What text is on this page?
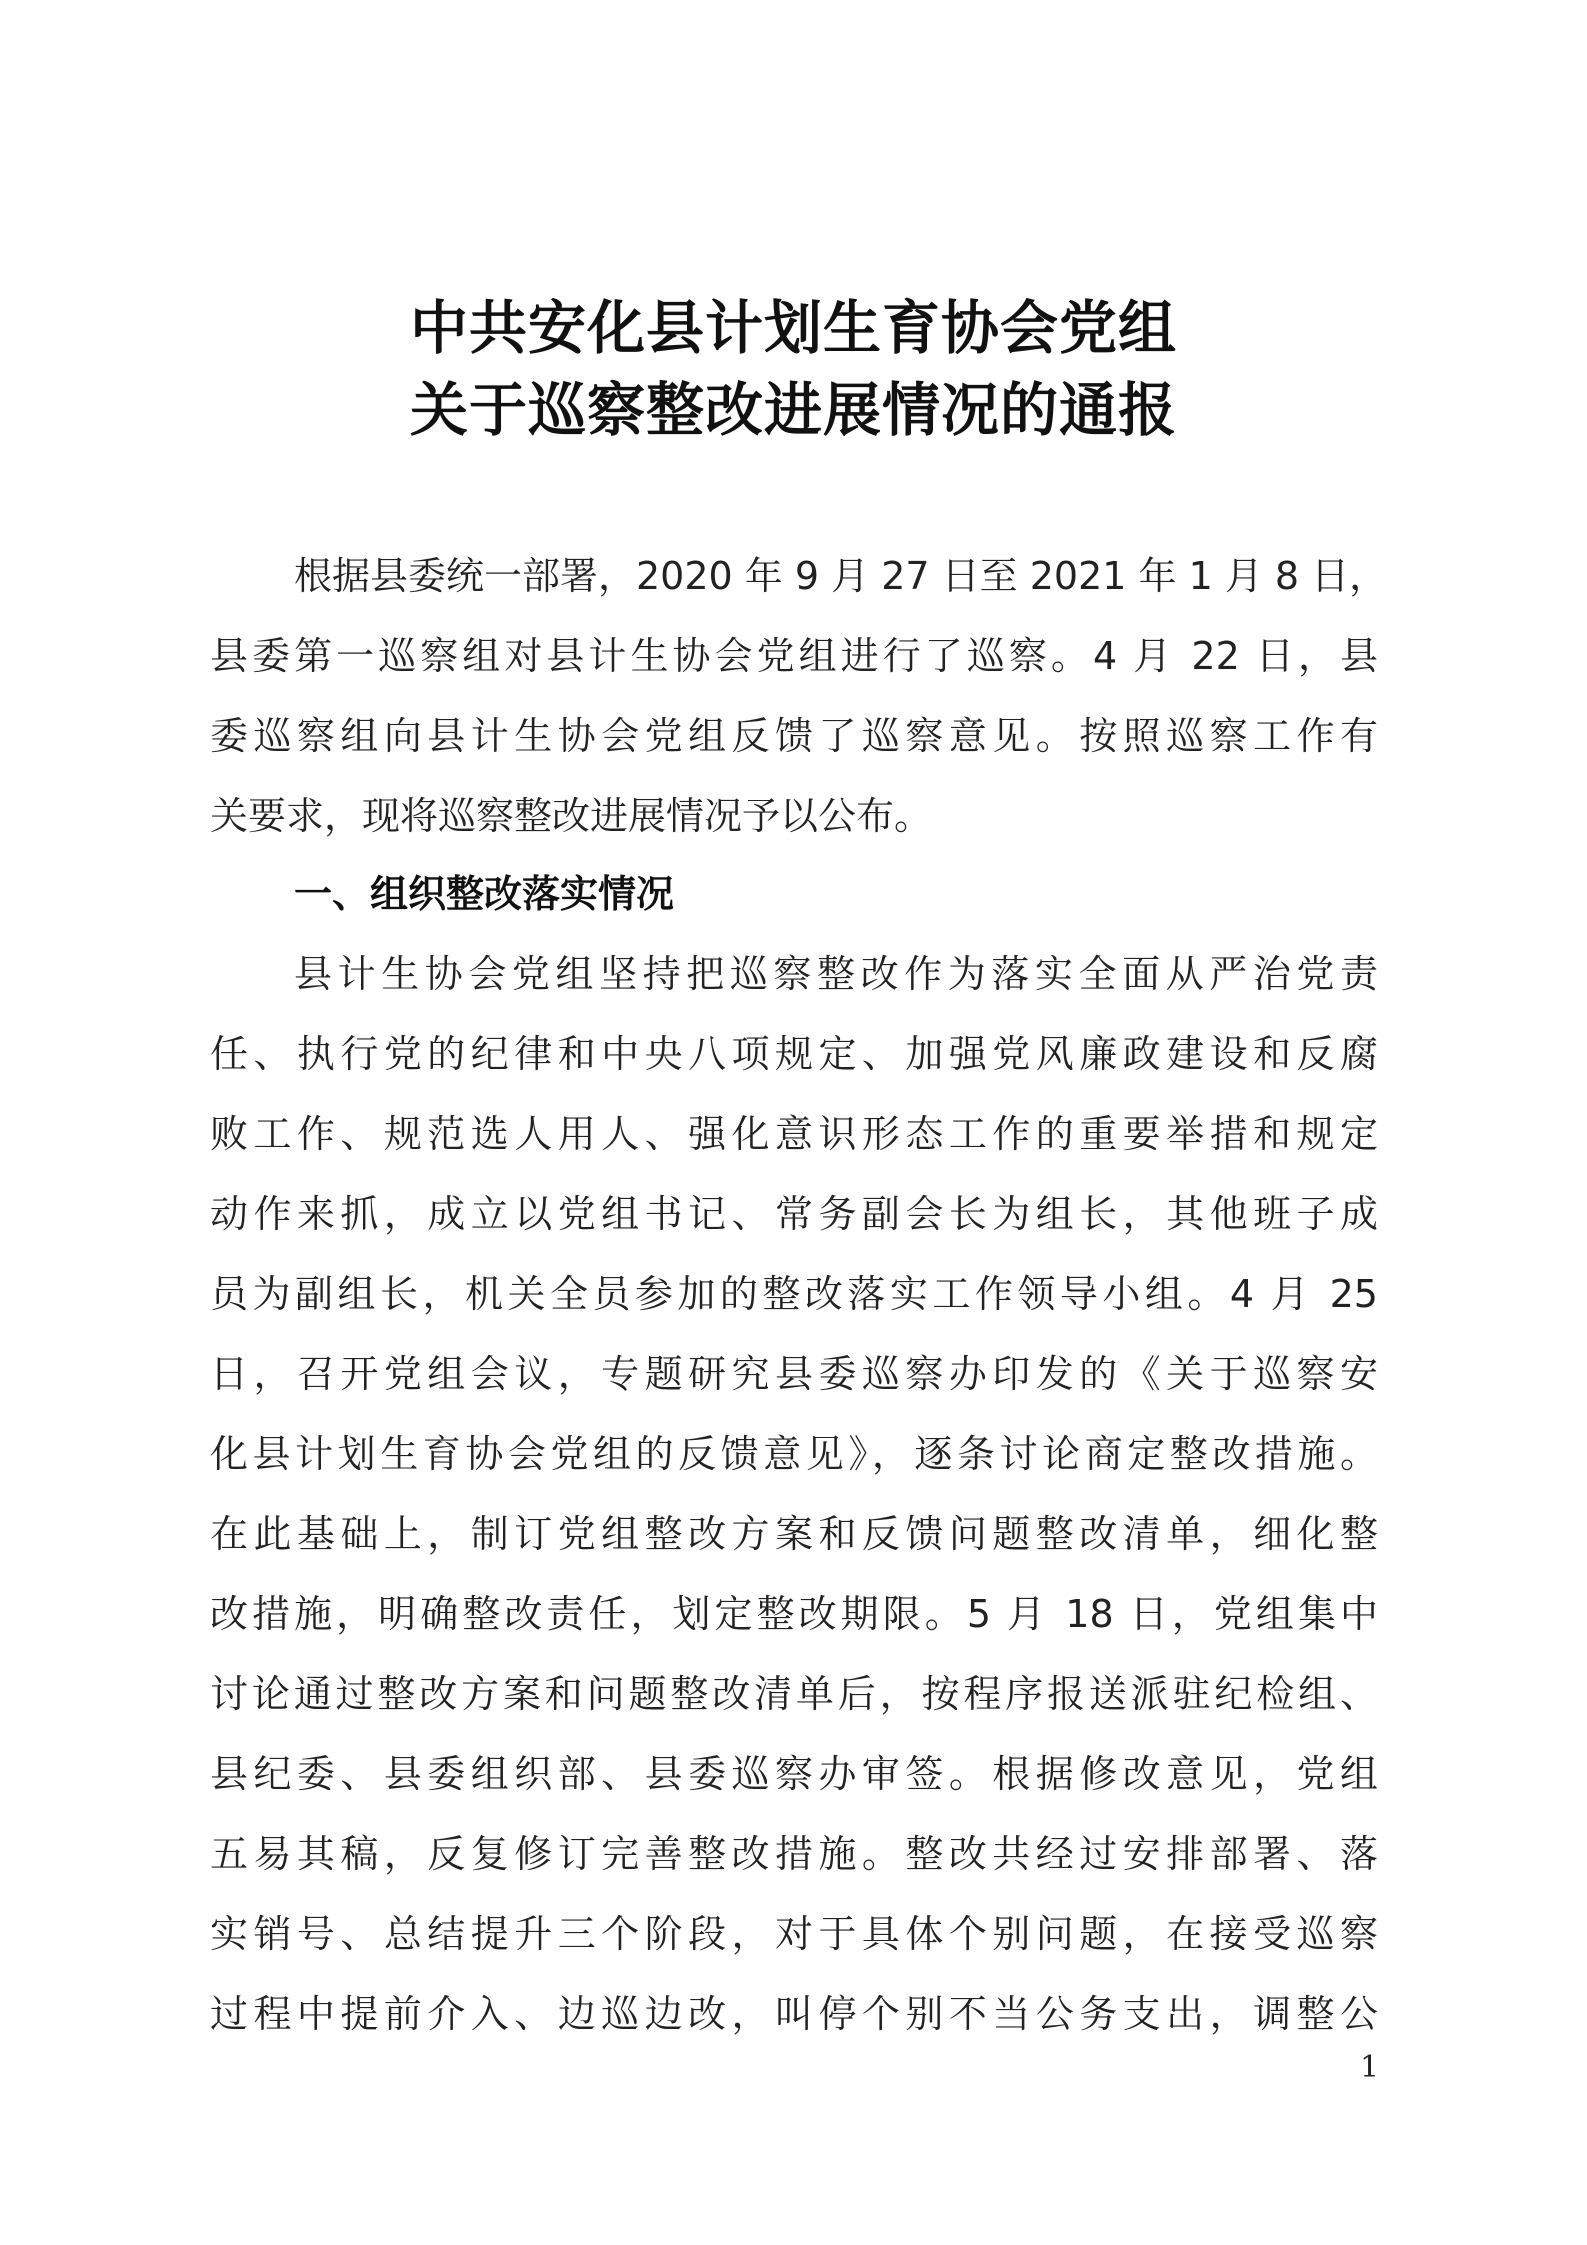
中共安化县计划生育协会党组
关于巡察整改进展情况的通报
根据县委统一部署，2020 年 9 月 27 日至 2021 年 1 月 8 日，
县委第一巡察组对县计生协会党组进行了巡察。4 月 22 日，县
委巡察组向县计生协会党组反馈了巡察意见。按照巡察工作有
关要求，现将巡察整改进展情况予以公布。
一、组织整改落实情况
县计生协会党组坚持把巡察整改作为落实全面从严治党责
任、执行党的纪律和中央八项规定、加强党风廉政建设和反腐
败工作、规范选人用人、强化意识形态工作的重要举措和规定
动作来抓，成立以党组书记、常务副会长为组长，其他班子成
员为副组长，机关全员参加的整改落实工作领导小组。4 月 25
日，召开党组会议，专题研究县委巡察办印发的《关于巡察安
化县计划生育协会党组的反馈意见》，逐条讨论商定整改措施。
在此基础上，制订党组整改方案和反馈问题整改清单，细化整
改措施，明确整改责任，划定整改期限。5 月 18 日，党组集中
讨论通过整改方案和问题整改清单后，按程序报送派驻纪检组、
县纪委、县委组织部、县委巡察办审签。根据修改意见，党组
五易其稿，反复修订完善整改措施。整改共经过安排部署、落
实销号、总结提升三个阶段，对于具体个别问题，在接受巡察
过程中提前介入、边巡边改，叫停个别不当公务支出，调整公
1
